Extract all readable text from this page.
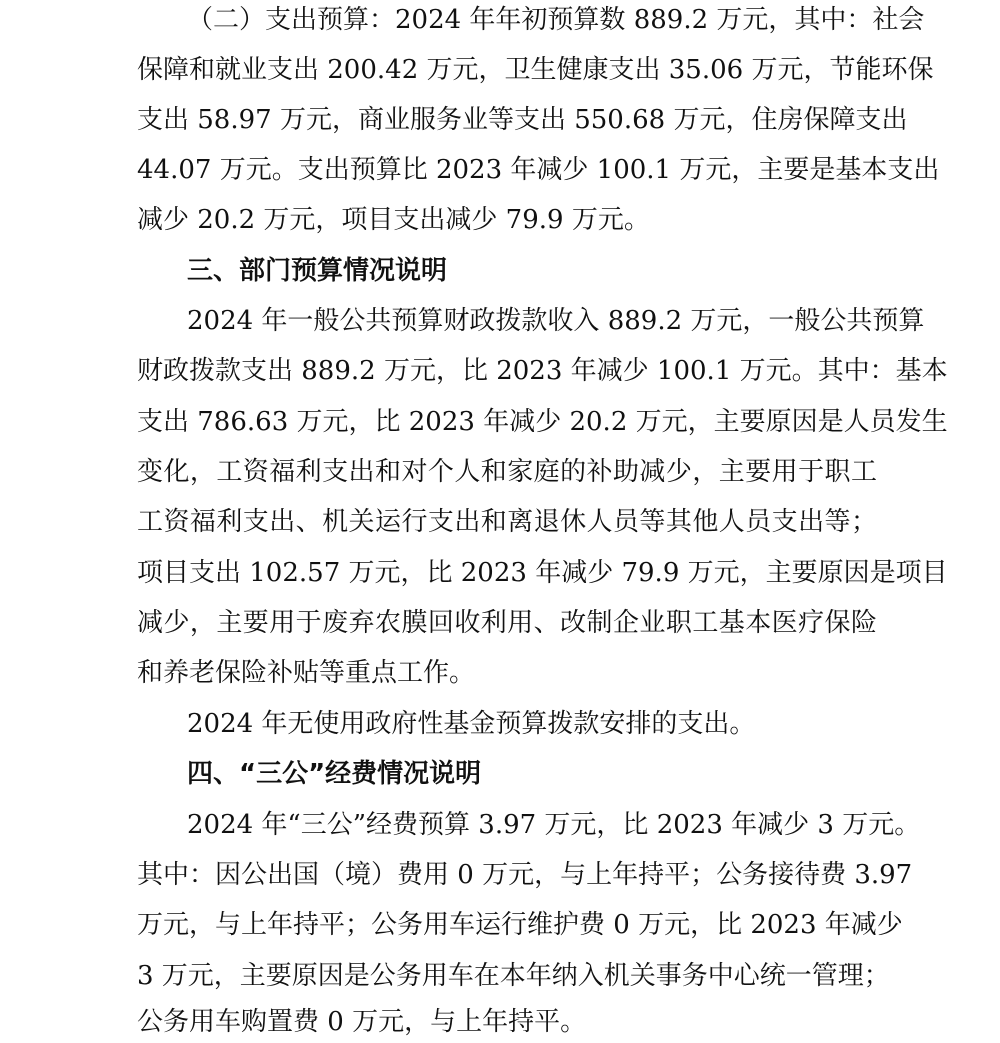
（二）支出预算：2024 年年初预算数 889.2 万元，其中：社会

保障和就业支出 200.42 万元，卫生健康支出 35.06 万元，节能环保

支出 58.97 万元，商业服务业等支出 550.68 万元，住房保障支出

44.07 万元。支出预算比 2023 年减少 100.1 万元，主要是基本支出

减少 20.2 万元，项目支出减少 79.9 万元。

三、部门预算情况说明

2024 年一般公共预算财政拨款收入 889.2 万元，一般公共预算

财政拨款支出 889.2 万元，比 2023 年减少 100.1 万元。其中：基本

支出 786.63 万元，比 2023 年减少 20.2 万元，主要原因是人员发生

变化，工资福利支出和对个人和家庭的补助减少，主要用于职工

工资福利支出、机关运行支出和离退休人员等其他人员支出等；

项目支出 102.57 万元，比 2023 年减少 79.9 万元，主要原因是项目

减少，主要用于废弃农膜回收利用、改制企业职工基本医疗保险

和养老保险补贴等重点工作。

2024 年无使用政府性基金预算拨款安排的支出。

四、“三公”经费情况说明

2024 年“三公”经费预算 3.97 万元，比 2023 年减少 3 万元。

其中：因公出国（境）费用 0 万元，与上年持平；公务接待费 3.97

万元，与上年持平；公务用车运行维护费 0 万元，比 2023 年减少

3 万元，主要原因是公务用车在本年纳入机关事务中心统一管理；

公务用车购置费 0 万元，与上年持平。
